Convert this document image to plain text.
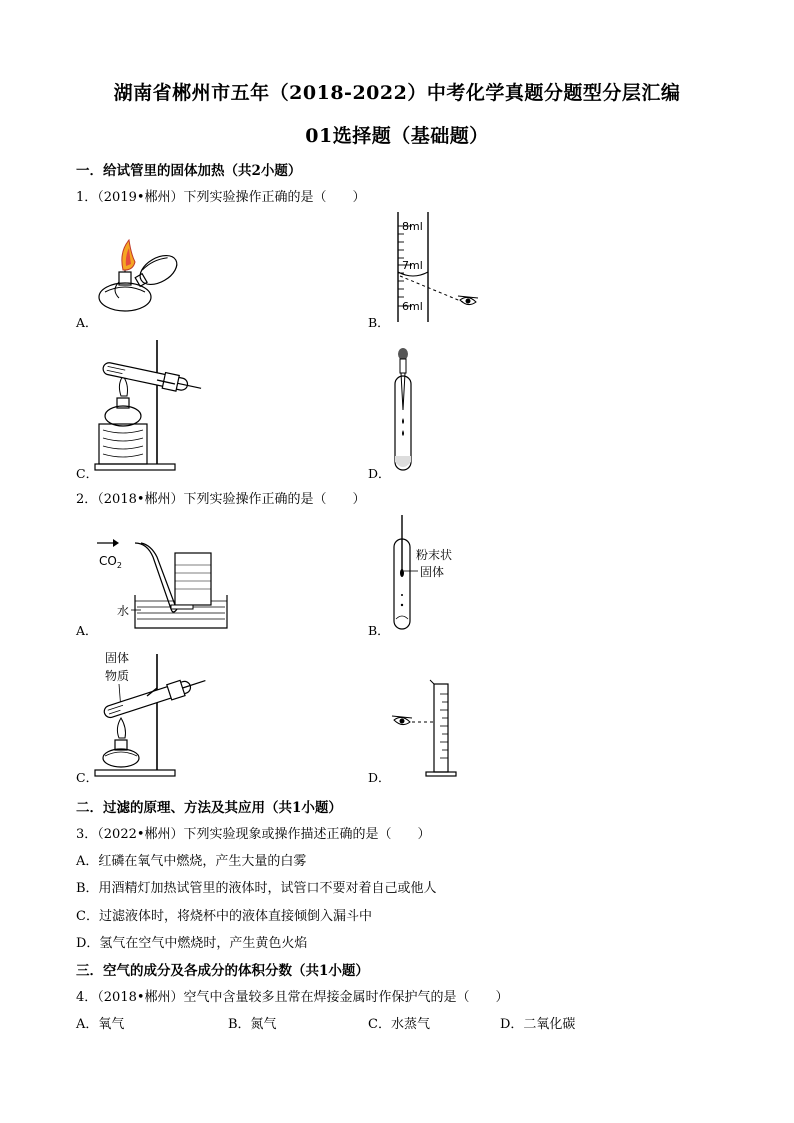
湖南省郴州市五年（2018-2022）中考化学真题分题型分层汇编
01选择题（基础题）
一．给试管里的固体加热（共2小题）
1．（2019•郴州）下列实验操作正确的是（　　）
A．
8ml
7ml
6ml
B．
C．	D．
2．（2018•郴州）下列实验操作正确的是（　　）
$CO_2$
水
A．
粉末状
固体
B．
固体
物质
C．	D．
二．过滤的原理、方法及其应用（共1小题）
3．（2022•郴州）下列实验现象或操作描述正确的是（　　）
A．红磷在氧气中燃烧，产生大量的白雾
B．用酒精灯加热试管里的液体时，试管口不要对着自己或他人
C．过滤液体时，将烧杯中的液体直接倾倒入漏斗中
D．氢气在空气中燃烧时，产生黄色火焰
三．空气的成分及各成分的体积分数（共1小题）
4．（2018•郴州）空气中含量较多且常在焊接金属时作保护气的是（　　）
A．氧气	B．氮气	C．水蒸气	D．二氧化碳
